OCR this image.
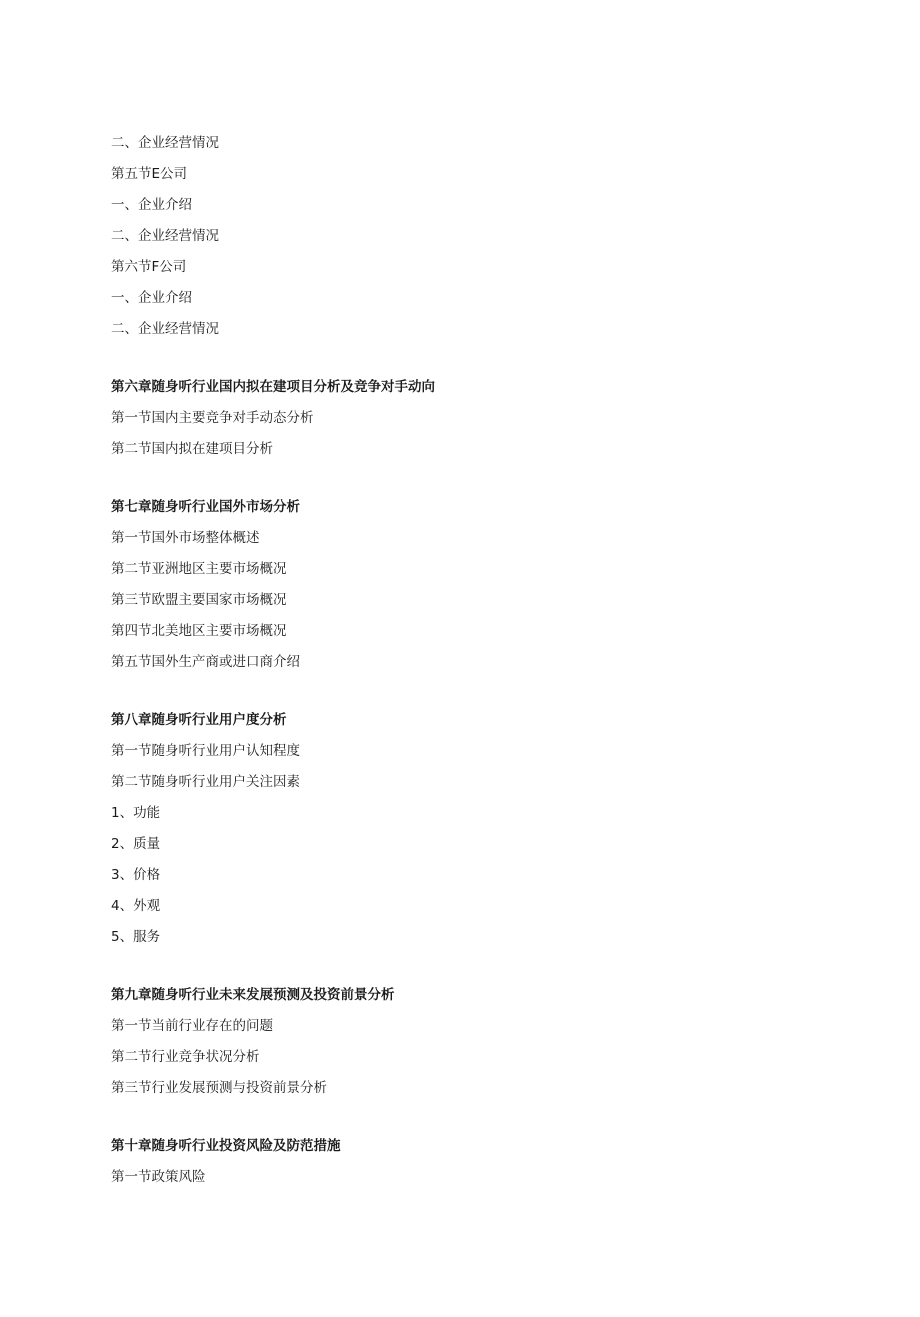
二、企业经营情况
第五节E公司
一、企业介绍
二、企业经营情况
第六节F公司
一、企业介绍
二、企业经营情况
第六章随身听行业国内拟在建项目分析及竞争对手动向
第一节国内主要竞争对手动态分析
第二节国内拟在建项目分析
第七章随身听行业国外市场分析
第一节国外市场整体概述
第二节亚洲地区主要市场概况
第三节欧盟主要国家市场概况
第四节北美地区主要市场概况
第五节国外生产商或进口商介绍
第八章随身听行业用户度分析
第一节随身听行业用户认知程度
第二节随身听行业用户关注因素
1、功能
2、质量
3、价格
4、外观
5、服务
第九章随身听行业未来发展预测及投资前景分析
第一节当前行业存在的问题
第二节行业竞争状况分析
第三节行业发展预测与投资前景分析
第十章随身听行业投资风险及防范措施
第一节政策风险
